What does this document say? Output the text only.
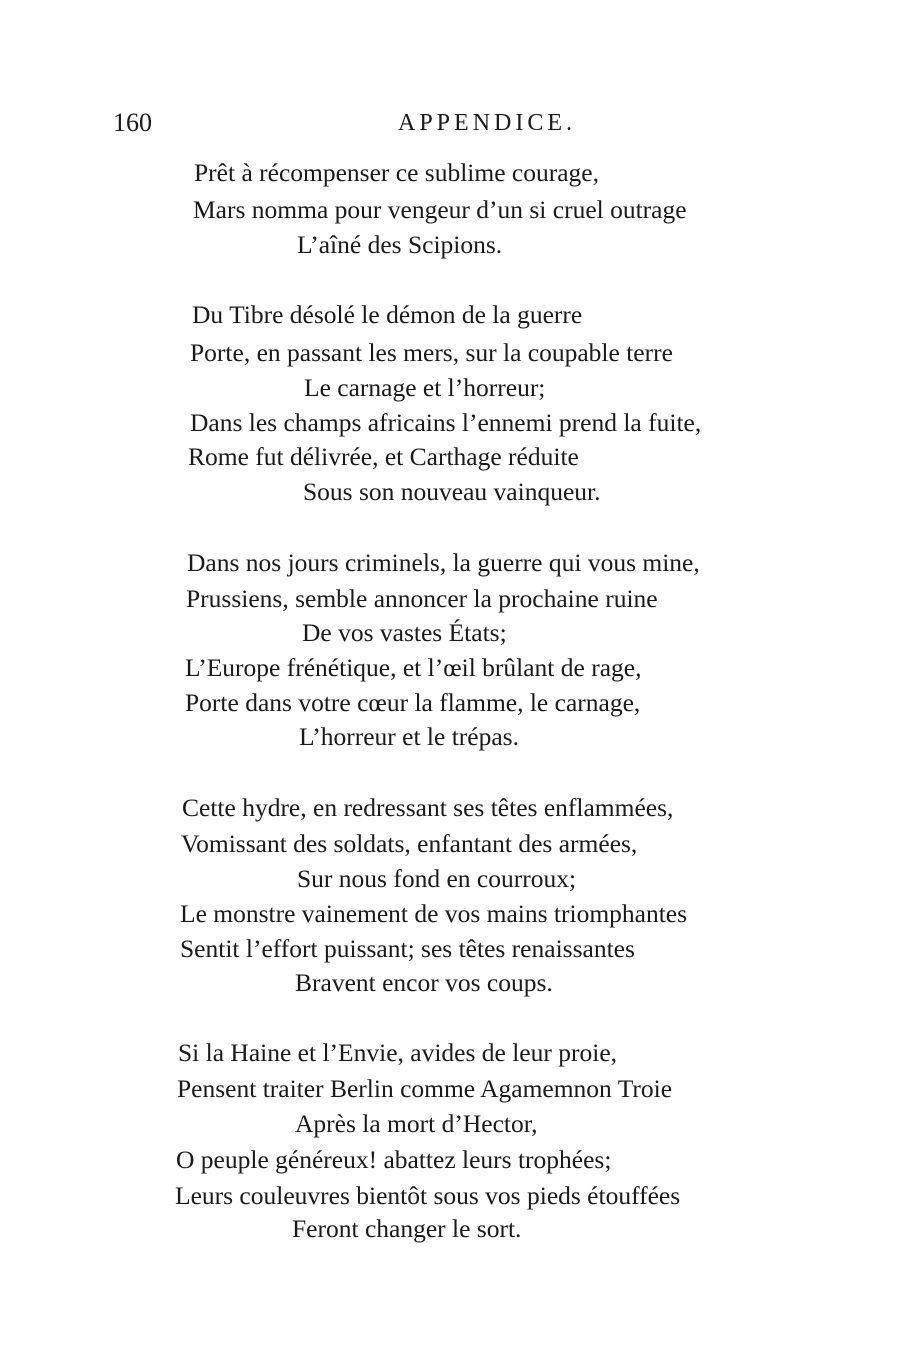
160	APPENDICE.
Prêt à récompenser ce sublime courage,
Mars nomma pour vengeur d’un si cruel outrage
L’aîné des Scipions.
Du Tibre désolé le démon de la guerre
Porte, en passant les mers, sur la coupable terre
Le carnage et l’horreur;
Dans les champs africains l’ennemi prend la fuite,
Rome fut délivrée, et Carthage réduite
Sous son nouveau vainqueur.
Dans nos jours criminels, la guerre qui vous mine,
Prussiens, semble annoncer la prochaine ruine
De vos vastes États;
L’Europe frénétique, et l’œil brûlant de rage,
Porte dans votre cœur la flamme, le carnage,
L’horreur et le trépas.
Cette hydre, en redressant ses têtes enflammées,
Vomissant des soldats, enfantant des armées,
Sur nous fond en courroux;
Le monstre vainement de vos mains triomphantes
Sentit l’effort puissant; ses têtes renaissantes
Bravent encor vos coups.
Si la Haine et l’Envie, avides de leur proie,
Pensent traiter Berlin comme Agamemnon Troie
Après la mort d’Hector,
O peuple généreux! abattez leurs trophées;
Leurs couleuvres bientôt sous vos pieds étouffées
Feront changer le sort.
